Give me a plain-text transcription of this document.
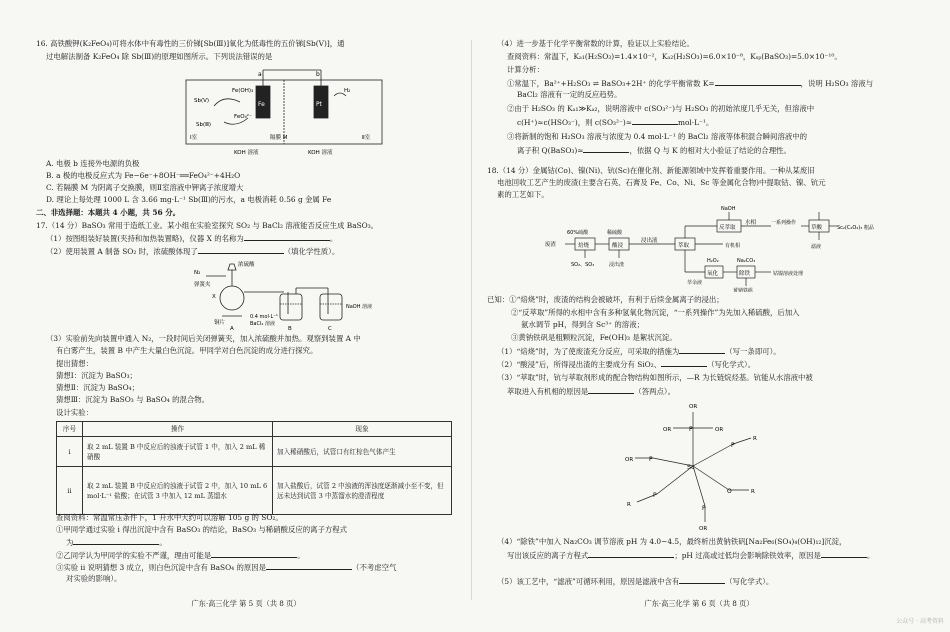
16. 高铁酸钾(K₂FeO₄)可将水体中有毒性的三价锑[Sb(Ⅲ)]氧化为低毒性的五价锑[Sb(Ⅴ)]，通

过电解法制备 K₂FeO₄ 除 Sb(Ⅲ)的原理如图所示。下列说法错误的是

a	b
Fe	Pt
Fe(OH)₃
Sb(Ⅴ)
Sb(Ⅲ)
FeO₄²⁻
H₂
Ⅰ室	Ⅱ室
隔膜 M
KOH 溶液	KOH 溶液

A. 电极 b 连接外电源的负极

B. a 极的电极反应式为 Fe−6e⁻+8OH⁻══FeO₄²⁻+4H₂O

C. 若隔膜 M 为阴离子交换膜，则Ⅱ室溶液中钾离子浓度增大

D. 理论上每处理 1000 L 含 3.66 mg·L⁻¹ Sb(Ⅲ)的污水，a 电极消耗 0.56 g 金属 Fe

二、非选择题：本题共 4 小题，共 56 分。

17.（14 分）BaSO₃ 常用于造纸工业。某小组在实验室探究 SO₂ 与 BaCl₂ 溶液能否反应生成 BaSO₃。

（1）按图组装好装置(夹持和加热装置略)，仪器 X 的名称为	。

（2）使用装置 A 制备 SO₂ 时，浓硫酸体现了	（填化学性质）。

N₂
浓硫酸
弹簧夹
X
铜片
A	B	C
0.4 mol·L⁻¹
BaCl₂ 溶液
NaOH 溶液

（3）实验前先向装置中通入 N₂，一段时间后关闭弹簧夹，加入浓硫酸并加热。观察到装置 A 中

有白雾产生，装置 B 中产生大量白色沉淀。甲同学对白色沉淀的成分进行探究。

提出猜想：

猜想Ⅰ：沉淀为 BaSO₃；

猜想Ⅱ：沉淀为 BaSO₄；

猜想Ⅲ：沉淀为 BaSO₃ 与 BaSO₄ 的混合物。

设计实验：

序号	操作	现象
i	取 2 mL 装置 B 中反应后的浊液于试管 1 中，加入 2 mL 稀硝酸	加入稀硝酸后，试管口有红棕色气体产生
ii	取 2 mL 装置 B 中反应后的浊液于试管 2 中，加入 10 mL 6 mol·L⁻¹ 盐酸；在试管 3 中加入 12 mL 蒸馏水	加入盐酸后，试管 2 中浊液的浑浊度逐渐减小至不变，但远未达到试管 3 中蒸馏水的澄清程度

查阅资料：常温常压条件下，1 升水中大约可以溶解 105 g 的 SO₂。

①甲同学通过实验 i 得出沉淀中含有 BaSO₃ 的结论，BaSO₃ 与稀硝酸反应的离子方程式

为	。

②乙同学认为甲同学的实验不严谨，理由可能是	。

③实验 ii 说明猜想 3 成立，则白色沉淀中含有 BaSO₄ 的原因是	（不考虑空气

对实验的影响）。

广东·高三化学 第 5 页（共 8 页）

（4）进一步基于化学平衡常数的计算，验证以上实验结论。

查阅资料：常温下，Kₐ₁(H₂SO₃)=1.4×10⁻²，Kₐ₂(H₂SO₃)=6.0×10⁻⁸，Kₛₚ(BaSO₃)=5.0×10⁻¹⁰。

计算分析：

①常温下，Ba²⁺+H₂SO₃ ⇌ BaSO₃+2H⁺ 的化学平衡常数 K=	，说明 H₂SO₃ 溶液与

BaCl₂ 溶液有一定的反应趋势。

②由于 H₂SO₃ 的 Kₐ₁≫Kₐ₂，说明溶液中 c(SO₃²⁻)与 H₂SO₃ 的初始浓度几乎无关，但溶液中

c(H⁺)≈c(HSO₃⁻)，则 c(SO₃²⁻)≈	mol·L⁻¹。

③将新制的饱和 H₂SO₃ 溶液与浓度为 0.4 mol·L⁻¹ 的 BaCl₂ 溶液等体积混合瞬间溶液中的

离子积 Q(BaSO₃)≈	，依据 Q 与 K 的相对大小验证了结论的合理性。

18.（14 分）金属钴(Co)、镍(Ni)、钪(Sc)在催化剂、新能源领域中发挥着重要作用。一种从某废旧

电池回收工艺产生的废渣(主要含石英、石膏及 Fe、Co、Ni、Sc 等金属化合物)中提取钴、镍、钪元

素的工艺如下。

废渣	焙烧	酸浸
浸出液
萃取
反萃取
水相	一系列操作
Sc₂(C₂O₄)₃ 粗品
草酸
60%硫酸	稀硫酸
浸出渣
SO₂、SO₃
NaOH
有机相
萃余液
氧化
H₂O₂	Na₂CO₃
除铁	钴镍溶液处理
黄钠铁矾
滤液

已知：①“焙烧”时，废渣的结构会被破坏，有利于后续金属离子的浸出；

②“反萃取”所得的水相中含有多种氢氧化物沉淀，“一系列操作”为先加入稀硫酸，后加入

氨水调节 pH，得到含 Sc³⁺ 的溶液；

③黄钠铁矾是粗颗粒沉淀，Fe(OH)₃ 是絮状沉淀。

（1）“焙烧”时，为了使废渣充分反应，可采取的措施为	（写一条即可）。

（2）“酸浸”后，所得浸出渣的主要成分有 SiO₂、	（写化学式）。

（3）“萃取”时，钪与萃取剂形成的配合物结构如图所示，—R 为长链烷烃基。钪能从水溶液中被

萃取进入有机相的原因是	（答两点）。

Sc
P
OR
OR	OR
P
R
P
OR
O	R
P
R	P
OR

（4）“除铁”中加入 Na₂CO₃ 调节溶液 pH 为 4.0~4.5，最终析出黄钠铁矾[Na₂Fe₆(SO₄)₄(OH)₁₂]沉淀，

写出该反应的离子方程式	；pH 过高或过低均会影响除铁效率，原因是	。

（5）该工艺中，“滤液”可循环利用，原因是滤液中含有	（写化学式）。

广东·高三化学 第 6 页（共 8 页）

公众号 · 高考资料
